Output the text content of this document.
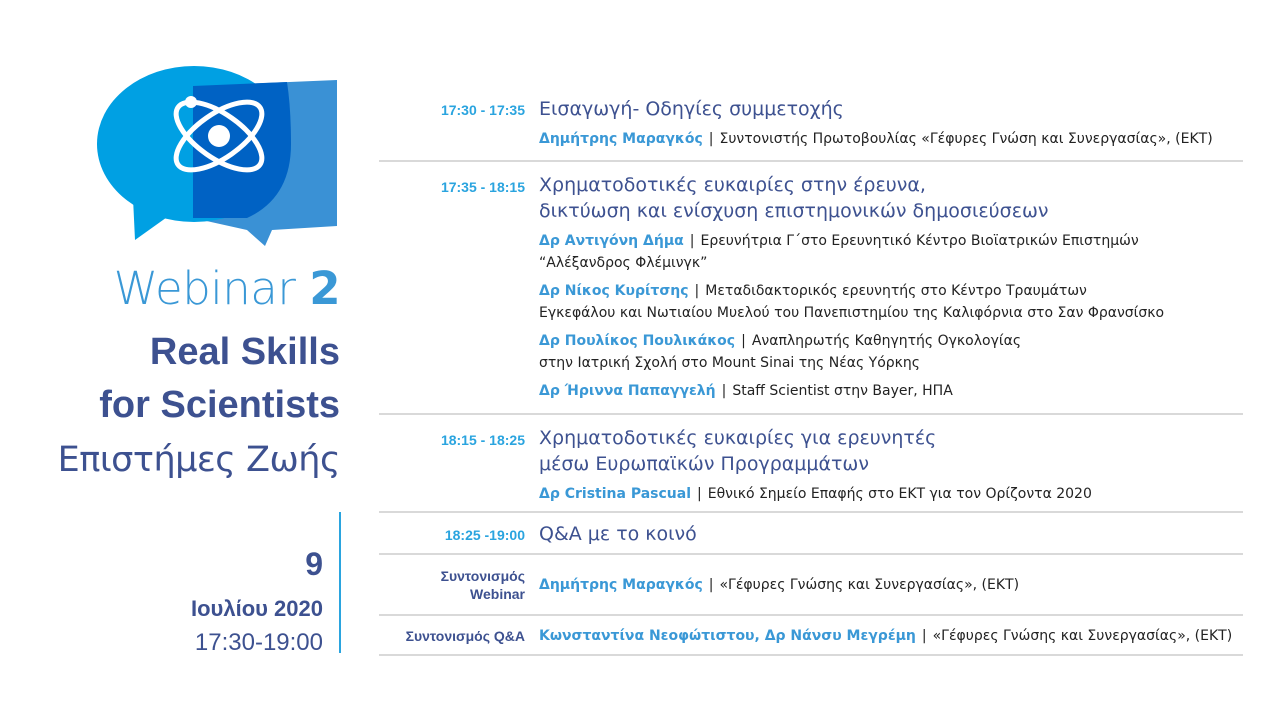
Webinar 2
Real Skills
for Scientists
Επιστήμες Ζωής
9
Ιουλίου 2020
17:30-19:00
17:30 - 17:35 Εισαγωγή- Οδηγίες συμμετοχής
Δημήτρης Μαραγκός | Συντονιστής Πρωτοβουλίας «Γέφυρες Γνώση και Συνεργασίας», (ΕΚΤ)
17:35 - 18:15 Χρηματοδοτικές ευκαιρίες στην έρευνα,
δικτύωση και ενίσχυση επιστημονικών δημοσιεύσεων
Δρ Αντιγόνη Δήμα | Ερευνήτρια Γ΄στο Ερευνητικό Κέντρο Βιοϊατρικών Επιστημών
“Αλέξανδρος Φλέμινγκ”
Δρ Νίκος Κυρίτσης | Μεταδιδακτορικός ερευνητής στο Κέντρο Τραυμάτων
Εγκεφάλου και Νωτιαίου Μυελού του Πανεπιστημίου της Καλιφόρνια στο Σαν Φρανσίσκο
Δρ Πουλίκος Πουλικάκος | Αναπληρωτής Καθηγητής Ογκολογίας
στην Ιατρική Σχολή στο Mount Sinai της Νέας Υόρκης
Δρ Ήριννα Παπαγγελή | Staff Scientist στην Bayer, ΗΠΑ
18:15 - 18:25 Χρηματοδοτικές ευκαιρίες για ερευνητές
μέσω Ευρωπαϊκών Προγραμμάτων
Δρ Cristina Pascual | Εθνικό Σημείο Επαφής στο ΕΚΤ για τον Ορίζοντα 2020
18:25 -19:00 Q&A με το κοινό
Συντονισμός
Webinar
Δημήτρης Μαραγκός | «Γέφυρες Γνώσης και Συνεργασίας», (ΕΚΤ)
Συντονισμός Q&A Κωνσταντίνα Νεοφώτιστου, Δρ Νάνσυ Μεγρέμη | «Γέφυρες Γνώσης και Συνεργασίας», (ΕΚΤ)
